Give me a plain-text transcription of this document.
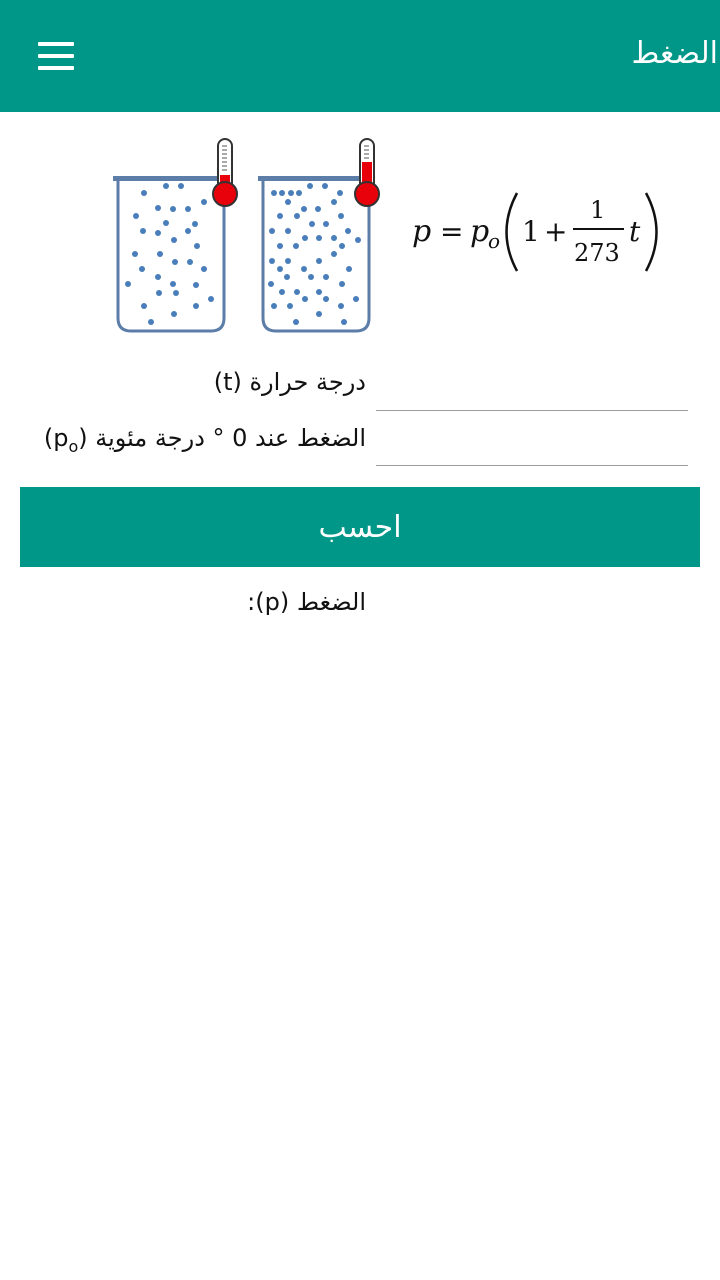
الضغط
p = p
o 1 +
1
273
t
درجة حرارة (t)
الضغط عند 0 ° درجة مئوية $(p_o)$
احسب
الضغط (p):
